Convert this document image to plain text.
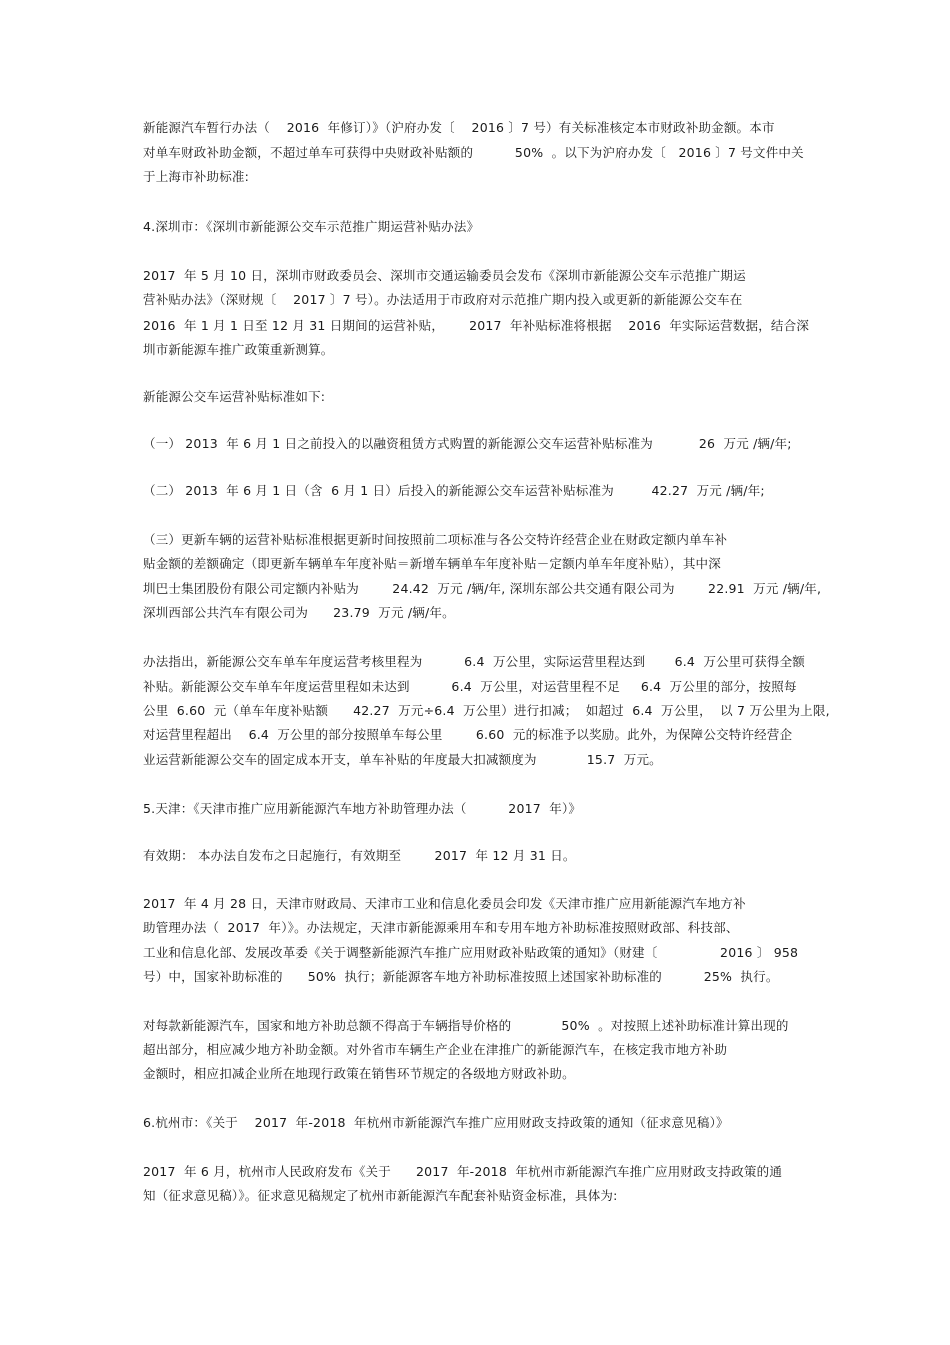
新能源汽车暂行办法（    2016  年修订）》（沪府办发〔    2016 〕7 号）有关标准核定本市财政补助金额。本市
对单车财政补助金额，不超过单车可获得中央财政补贴额的          50%  。以下为沪府办发〔   2016 〕7 号文件中关
于上海市补助标准:
4.深圳市：《深圳市新能源公交车示范推广期运营补贴办法》
2017  年 5 月 10 日，深圳市财政委员会、深圳市交通运输委员会发布《深圳市新能源公交车示范推广期运
营补贴办法》（深财规〔    2017 〕7 号）。办法适用于市政府对示范推广期内投入或更新的新能源公交车在
2016  年 1 月 1 日至 12 月 31 日期间的运营补贴，      2017  年补贴标准将根据    2016  年实际运营数据，结合深
圳市新能源车推广政策重新测算。
新能源公交车运营补贴标准如下:
（一） 2013  年 6 月 1 日之前投入的以融资租赁方式购置的新能源公交车运营补贴标准为           26  万元 /辆/年;
（二） 2013  年 6 月 1 日（含  6 月 1 日）后投入的新能源公交车运营补贴标准为         42.27  万元 /辆/年;
（三）更新车辆的运营补贴标准根据更新时间按照前二项标准与各公交特许经营企业在财政定额内单车补
贴金额的差额确定（即更新车辆单车年度补贴＝新增车辆单车年度补贴－定额内单车年度补贴），其中深
圳巴士集团股份有限公司定额内补贴为        24.42  万元 /辆/年, 深圳东部公共交通有限公司为        22.91  万元 /辆/年,
深圳西部公共汽车有限公司为      23.79  万元 /辆/年。
办法指出，新能源公交车单车年度运营考核里程为          6.4  万公里，实际运营里程达到       6.4  万公里可获得全额
补贴。新能源公交车单车年度运营里程如未达到          6.4  万公里，对运营里程不足     6.4  万公里的部分，按照每
公里  6.60  元（单车年度补贴额      42.27  万元÷6.4  万公里）进行扣减；  如超过  6.4  万公里，  以 7 万公里为上限,
对运营里程超出    6.4  万公里的部分按照单车每公里        6.60  元的标准予以奖励。此外，为保障公交特许经营企
业运营新能源公交车的固定成本开支，单车补贴的年度最大扣减额度为            15.7  万元。
5.天津：《天津市推广应用新能源汽车地方补助管理办法（          2017  年）》
有效期： 本办法自发布之日起施行，有效期至        2017  年 12 月 31 日。
2017  年 4 月 28 日，天津市财政局、天津市工业和信息化委员会印发《天津市推广应用新能源汽车地方补
助管理办法（  2017  年）》。办法规定，天津市新能源乘用车和专用车地方补助标准按照财政部、科技部、
工业和信息化部、发展改革委《关于调整新能源汽车推广应用财政补贴政策的通知》（财建〔               2016 〕 958
号）中，国家补助标准的      50%  执行；新能源客车地方补助标准按照上述国家补助标准的          25%  执行。
对每款新能源汽车，国家和地方补助总额不得高于车辆指导价格的            50%  。对按照上述补助标准计算出现的
超出部分，相应减少地方补助金额。对外省市车辆生产企业在津推广的新能源汽车，在核定我市地方补助
金额时，相应扣减企业所在地现行政策在销售环节规定的各级地方财政补助。
6.杭州市：《关于    2017  年-2018  年杭州市新能源汽车推广应用财政支持政策的通知（征求意见稿）》
2017  年 6 月，杭州市人民政府发布《关于      2017  年-2018  年杭州市新能源汽车推广应用财政支持政策的通
知（征求意见稿）》。征求意见稿规定了杭州市新能源汽车配套补贴资金标准，具体为:
